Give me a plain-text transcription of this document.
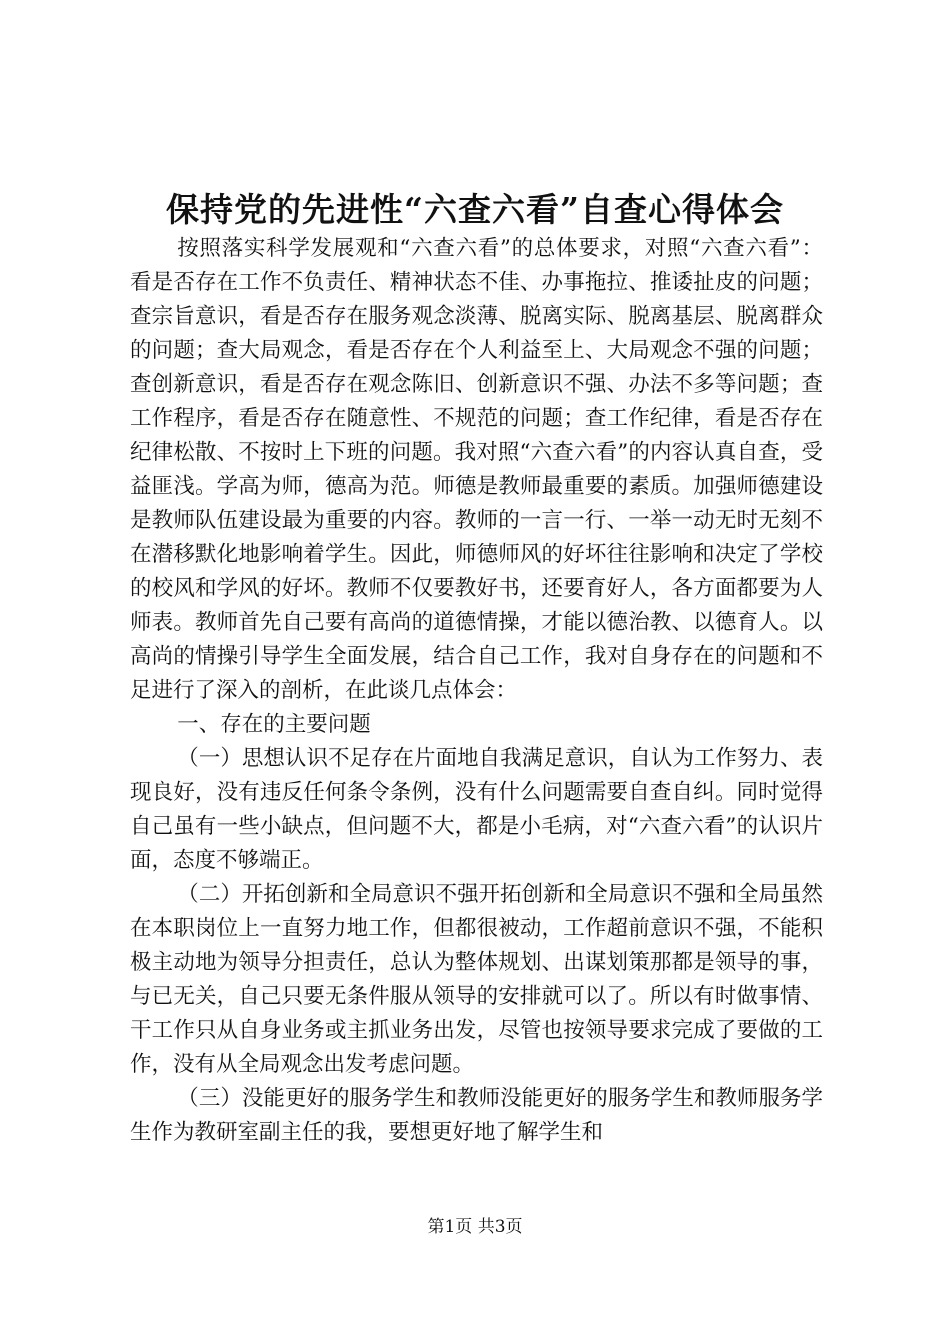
保持党的先进性“六查六看”自查心得体会

按照落实科学发展观和“六查六看”的总体要求，对照“六查六看”：看是否存在工作不负责任、精神状态不佳、办事拖拉、推诿扯皮的问题；查宗旨意识，看是否存在服务观念淡薄、脱离实际、脱离基层、脱离群众的问题；查大局观念，看是否存在个人利益至上、大局观念不强的问题；查创新意识，看是否存在观念陈旧、创新意识不强、办法不多等问题；查工作程序，看是否存在随意性、不规范的问题；查工作纪律，看是否存在纪律松散、不按时上下班的问题。我对照“六查六看”的内容认真自查，受益匪浅。学高为师，德高为范。师德是教师最重要的素质。加强师德建设是教师队伍建设最为重要的内容。教师的一言一行、一举一动无时无刻不在潜移默化地影响着学生。因此，师德师风的好坏往往影响和决定了学校的校风和学风的好坏。教师不仅要教好书，还要育好人，各方面都要为人师表。教师首先自己要有高尚的道德情操，才能以德治教、以德育人。以高尚的情操引导学生全面发展，结合自己工作，我对自身存在的问题和不足进行了深入的剖析，在此谈几点体会：

一、存在的主要问题

（一）思想认识不足存在片面地自我满足意识，自认为工作努力、表现良好，没有违反任何条令条例，没有什么问题需要自查自纠。同时觉得自己虽有一些小缺点，但问题不大，都是小毛病，对“六查六看”的认识片面，态度不够端正。

（二）开拓创新和全局意识不强开拓创新和全局意识不强和全局虽然在本职岗位上一直努力地工作，但都很被动，工作超前意识不强，不能积极主动地为领导分担责任，总认为整体规划、出谋划策那都是领导的事，与已无关，自己只要无条件服从领导的安排就可以了。所以有时做事情、干工作只从自身业务或主抓业务出发，尽管也按领导要求完成了要做的工作，没有从全局观念出发考虑问题。

（三）没能更好的服务学生和教师没能更好的服务学生和教师服务学生作为教研室副主任的我，要想更好地了解学生和

第1页 共3页
